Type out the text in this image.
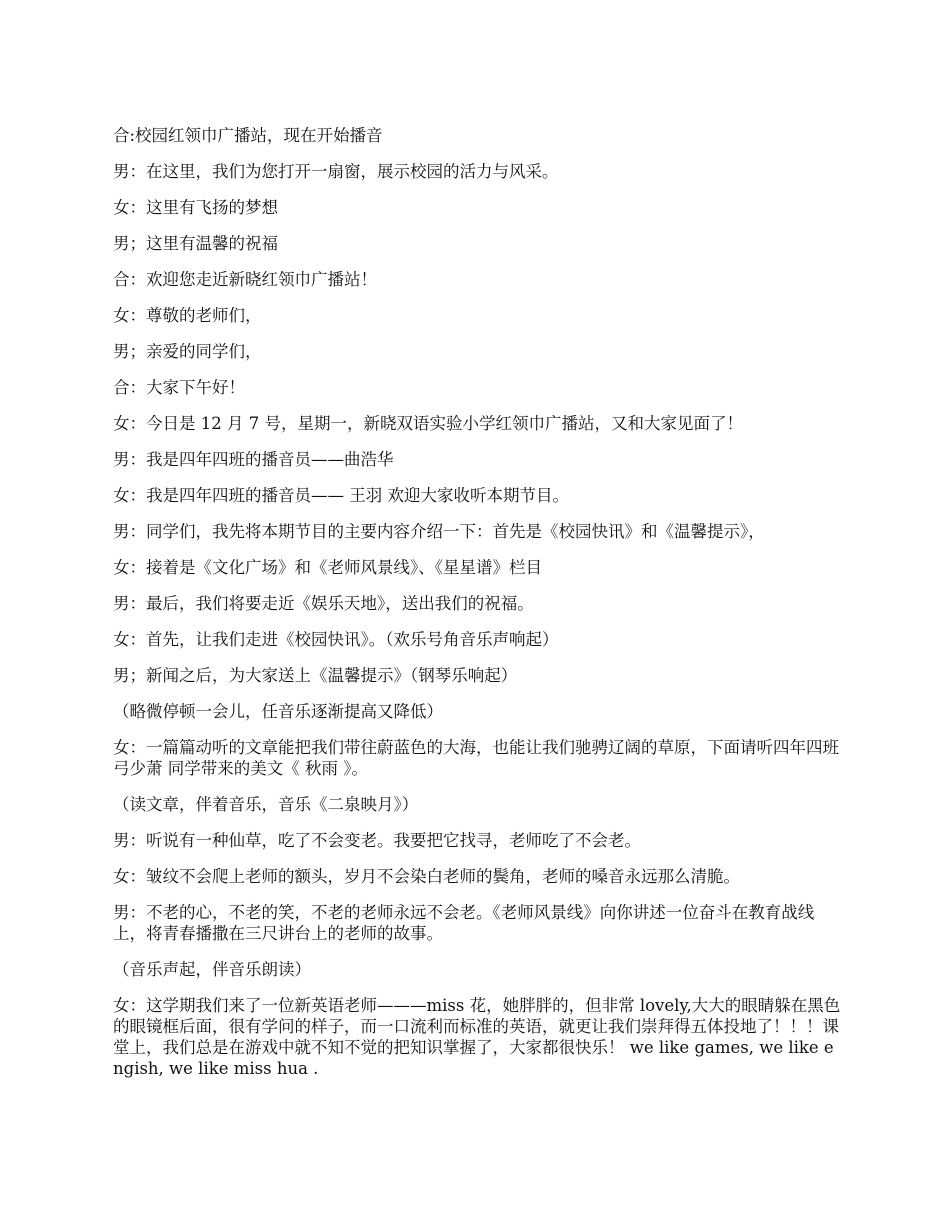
合:校园红领巾广播站，现在开始播音

男：在这里，我们为您打开一扇窗，展示校园的活力与风采。

女：这里有飞扬的梦想

男；这里有温馨的祝福

合：欢迎您走近新晓红领巾广播站！

女：尊敬的老师们，

男；亲爱的同学们，

合：大家下午好！

女：今日是 12 月 7 号，星期一，新晓双语实验小学红领巾广播站，又和大家见面了！

男：我是四年四班的播音员——曲浩华

女：我是四年四班的播音员—— 王羽 欢迎大家收听本期节目。

男：同学们，我先将本期节目的主要内容介绍一下：首先是《校园快讯》和《温馨提示》，

女：接着是《文化广场》和《老师风景线》、《星星谱》栏目

男：最后，我们将要走近《娱乐天地》，送出我们的祝福。

女：首先，让我们走进《校园快讯》。（欢乐号角音乐声响起）

男；新闻之后，为大家送上《温馨提示》（钢琴乐响起）

（略微停顿一会儿，任音乐逐渐提高又降低）

女：一篇篇动听的文章能把我们带往蔚蓝色的大海，也能让我们驰骋辽阔的草原，下面请听四年四班 弓少萧 同学带来的美文《 秋雨 》。

（读文章，伴着音乐，音乐《二泉映月》）

男：听说有一种仙草，吃了不会变老。我要把它找寻，老师吃了不会老。

女：皱纹不会爬上老师的额头，岁月不会染白老师的鬓角，老师的嗓音永远那么清脆。

男：不老的心，不老的笑，不老的老师永远不会老。《老师风景线》向你讲述一位奋斗在教育战线上，将青春播撒在三尺讲台上的老师的故事。

（音乐声起，伴音乐朗读）

女：这学期我们来了一位新英语老师———miss 花，她胖胖的，但非常 lovely,大大的眼睛躲在黑色的眼镜框后面，很有学问的样子，而一口流利而标准的英语，就更让我们崇拜得五体投地了！！！课堂上，我们总是在游戏中就不知不觉的把知识掌握了，大家都很快乐！ we like games, we like engish, we like miss hua .
